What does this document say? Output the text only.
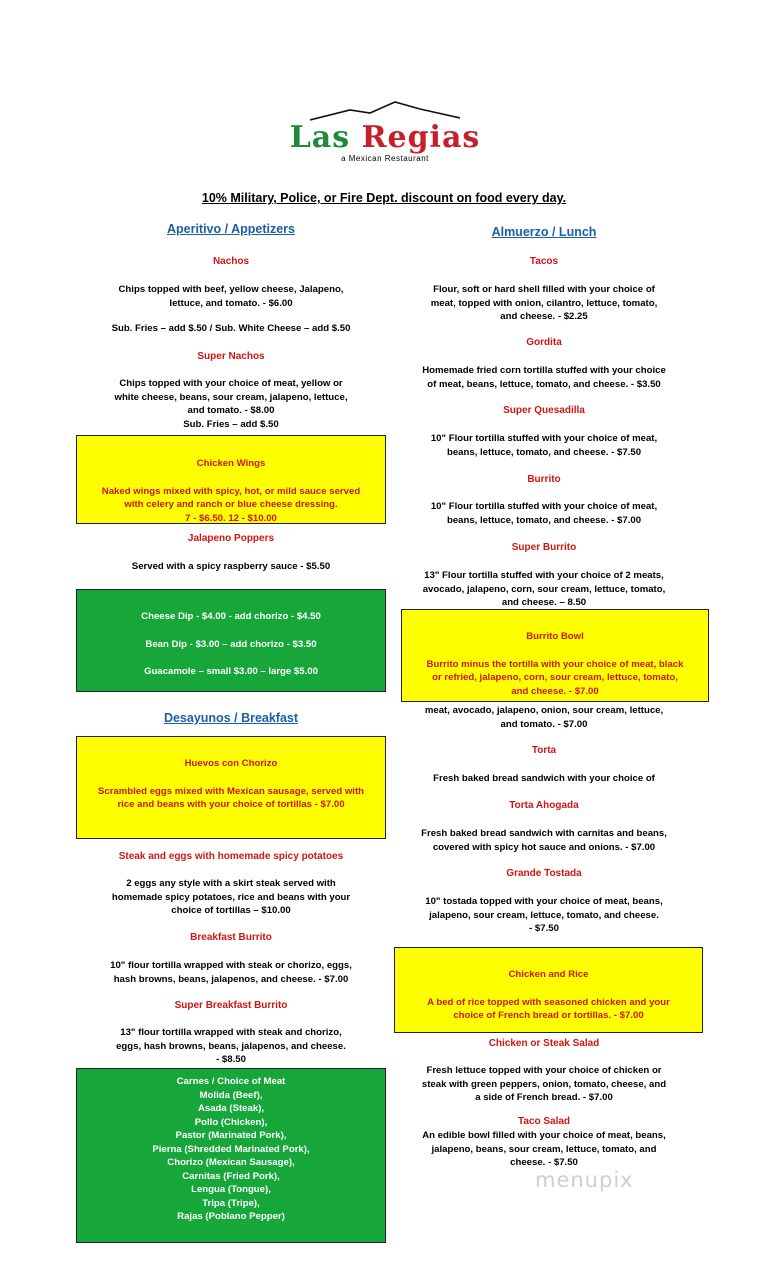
Las Regias
a Mexican Restaurant
10% Military, Police, or Fire Dept. discount on food every day.
Aperitivo / Appetizers
Nachos
Chips topped with beef, yellow cheese, Jalapeno,
lettuce, and tomato. - $6.00
Sub. Fries – add $.50 / Sub. White Cheese – add $.50
Super Nachos
Chips topped with your choice of meat, yellow or
white cheese, beans, sour cream, jalapeno, lettuce,
and tomato. - $8.00
Sub. Fries – add $.50
Chicken Wings
Naked wings mixed with spicy, hot, or mild sauce served
with celery and ranch or blue cheese dressing.
7 - $6.50. 12 - $10.00
Jalapeno Poppers
Served with a spicy raspberry sauce - $5.50
Cheese Dip - $4.00 - add chorizo - $4.50
Bean Dip - $3.00 – add chorizo - $3.50
Guacamole – small $3.00 – large $5.00
Desayunos / Breakfast
Huevos con Chorizo
Scrambled eggs mixed with Mexican sausage, served with
rice and beans with your choice of tortillas - $7.00
Steak and eggs with homemade spicy potatoes
2 eggs any style with a skirt steak served with
homemade spicy potatoes, rice and beans with your
choice of tortillas – $10.00
Breakfast Burrito
10" flour tortilla wrapped with steak or chorizo, eggs,
hash browns, beans, jalapenos, and cheese. - $7.00
Super Breakfast Burrito
13" flour tortilla wrapped with steak and chorizo,
eggs, hash browns, beans, jalapenos, and cheese.
- $8.50
Carnes / Choice of Meat
Molida (Beef),
Asada (Steak),
Pollo (Chicken),
Pastor (Marinated Pork),
Pierna (Shredded Marinated Pork),
Chorizo (Mexican Sausage),
Carnitas (Fried Pork),
Lengua (Tongue),
Tripa (Tripe),
Rajas (Poblano Pepper)
Almuerzo / Lunch
Tacos
Flour, soft or hard shell filled with your choice of
meat, topped with onion, cilantro, lettuce, tomato,
and cheese. - $2.25
Gordita
Homemade fried corn tortilla stuffed with your choice
of meat, beans, lettuce, tomato, and cheese. - $3.50
Super Quesadilla
10" Flour tortilla stuffed with your choice of meat,
beans, lettuce, tomato, and cheese. - $7.50
Burrito
10" Flour tortilla stuffed with your choice of meat,
beans, lettuce, tomato, and cheese. - $7.00
Super Burrito
13" Flour tortilla stuffed with your choice of 2 meats,
avocado, jalapeno, corn, sour cream, lettuce, tomato,
and cheese. – 8.50
Burrito Bowl
Burrito minus the tortilla with your choice of meat, black
or refried, jalapeno, corn, sour cream, lettuce, tomato,
and cheese. - $7.00
meat, avocado, jalapeno, onion, sour cream, lettuce,
and tomato. - $7.00
Torta
Fresh baked bread sandwich with your choice of
Torta Ahogada
Fresh baked bread sandwich with carnitas and beans,
covered with spicy hot sauce and onions. - $7.00
Grande Tostada
10" tostada topped with your choice of meat, beans,
jalapeno, sour cream, lettuce, tomato, and cheese.
- $7.50
Chicken and Rice
A bed of rice topped with seasoned chicken and your
choice of French bread or tortillas. - $7.00
Chicken or Steak Salad
Fresh lettuce topped with your choice of chicken or
steak with green peppers, onion, tomato, cheese, and
a side of French bread. - $7.00
Taco Salad
An edible bowl filled with your choice of meat, beans,
jalapeno, beans, sour cream, lettuce, tomato, and
cheese. - $7.50
menupix
